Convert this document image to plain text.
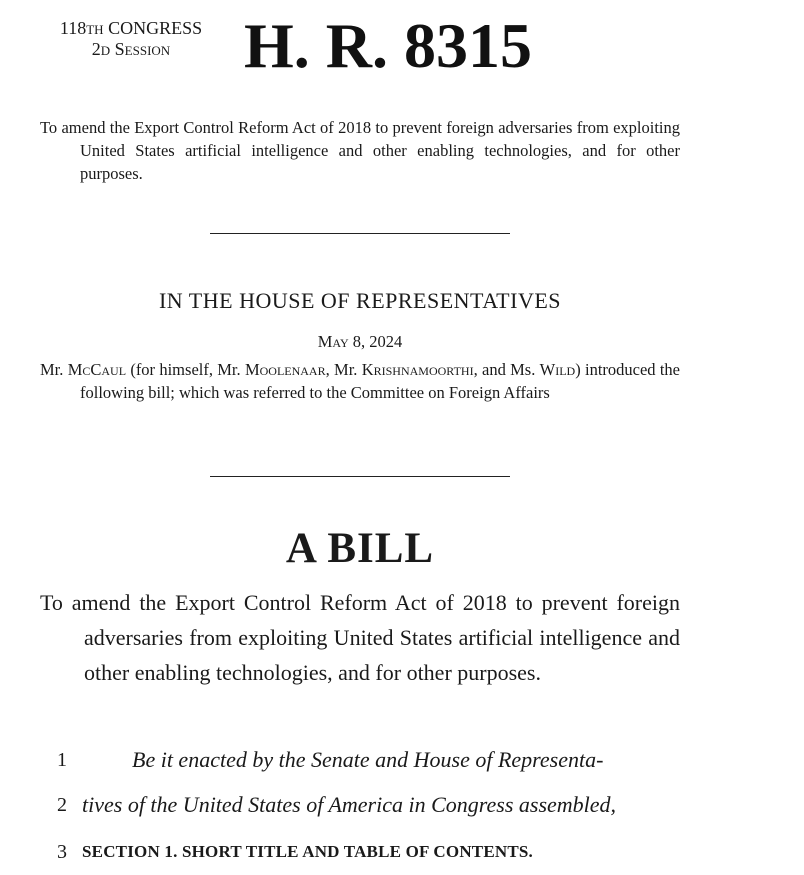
118th CONGRESS
2d Session	H. R. 8315
To amend the Export Control Reform Act of 2018 to prevent foreign adversaries from exploiting United States artificial intelligence and other enabling technologies, and for other purposes.
IN THE HOUSE OF REPRESENTATIVES
May 8, 2024
Mr. McCaul (for himself, Mr. Moolenaar, Mr. Krishnamoorthi, and Ms. Wild) introduced the following bill; which was referred to the Committee on Foreign Affairs
A BILL
To amend the Export Control Reform Act of 2018 to prevent foreign adversaries from exploiting United States artificial intelligence and other enabling technologies, and for other purposes.
1	Be it enacted by the Senate and House of Representa-
2 tives of the United States of America in Congress assembled,
3 SECTION 1. SHORT TITLE AND TABLE OF CONTENTS.
